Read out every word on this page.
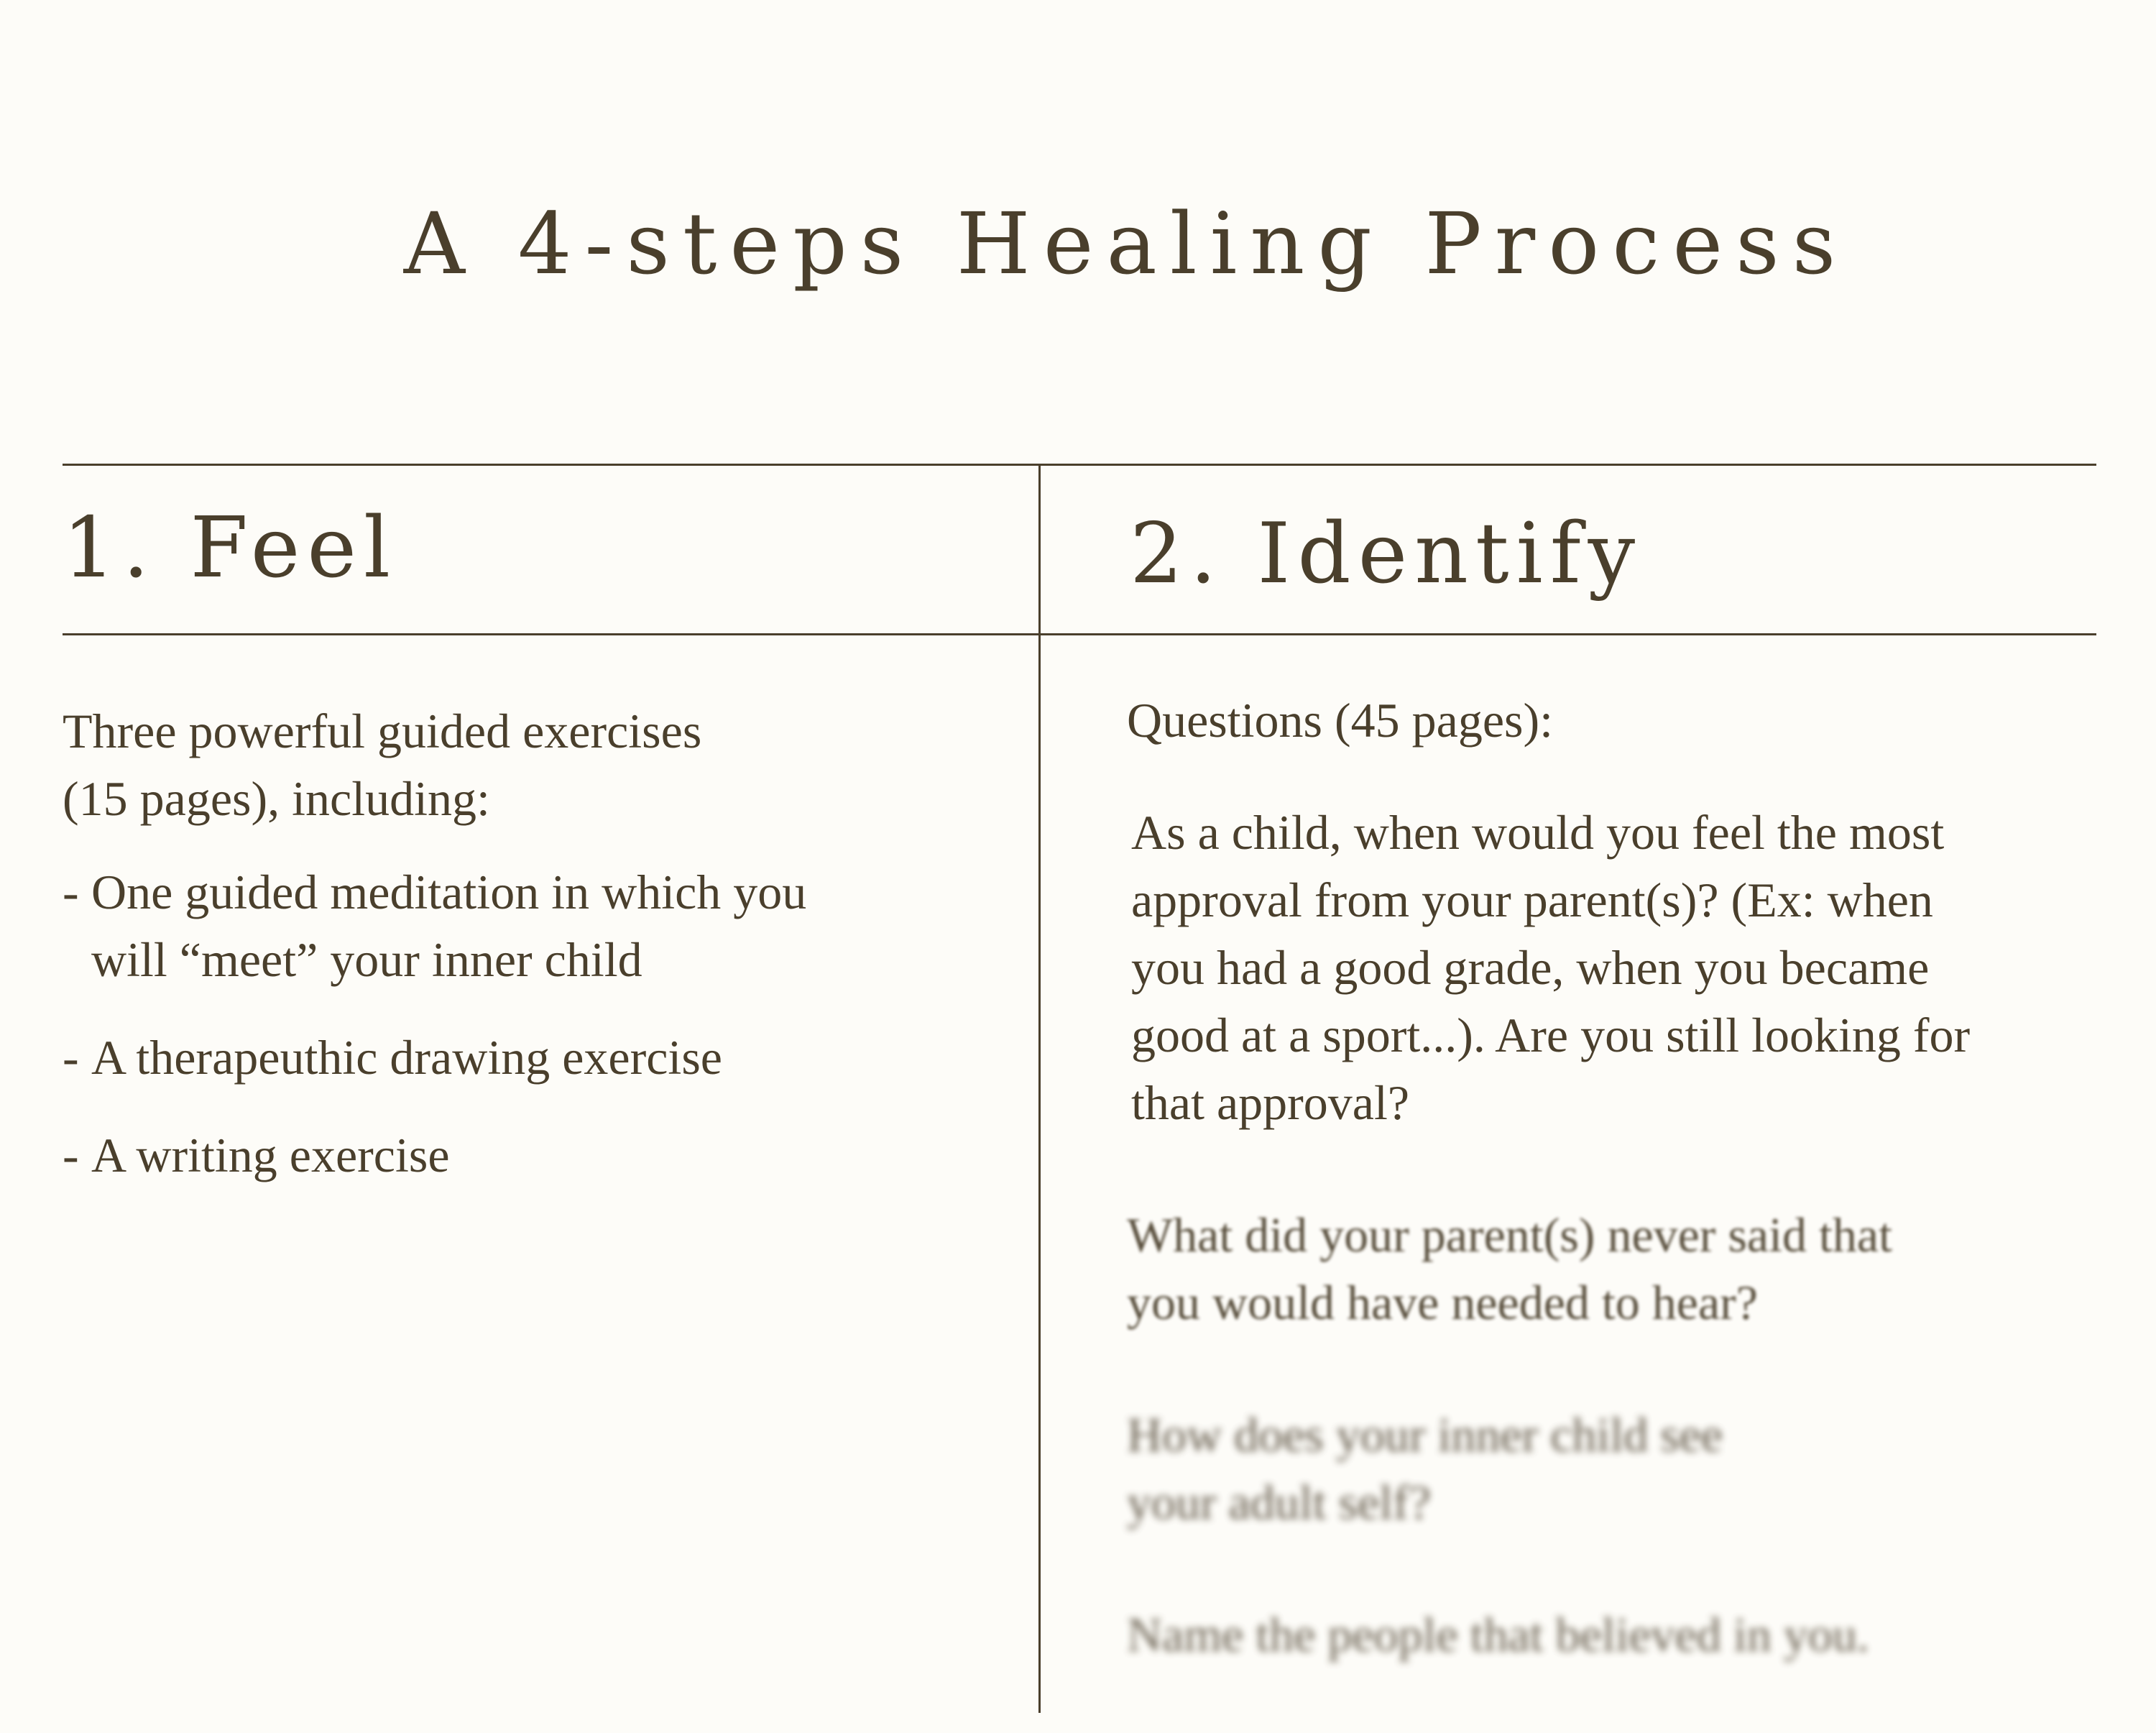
A 4-steps Healing Process
1. Feel	2. Identify

Three powerful guided exercises
(15 pages), including:

- One guided meditation in which you
will “meet” your inner child
- A therapeuthic drawing exercise
- A writing exercise

Questions (45 pages):

As a child, when would you feel the most
approval from your parent(s)? (Ex: when
you had a good grade, when you became
good at a sport...). Are you still looking for
that approval?

What did your parent(s) never said that
you would have needed to hear?

How does your inner child see
your adult self?

Name the people that believed in you.
